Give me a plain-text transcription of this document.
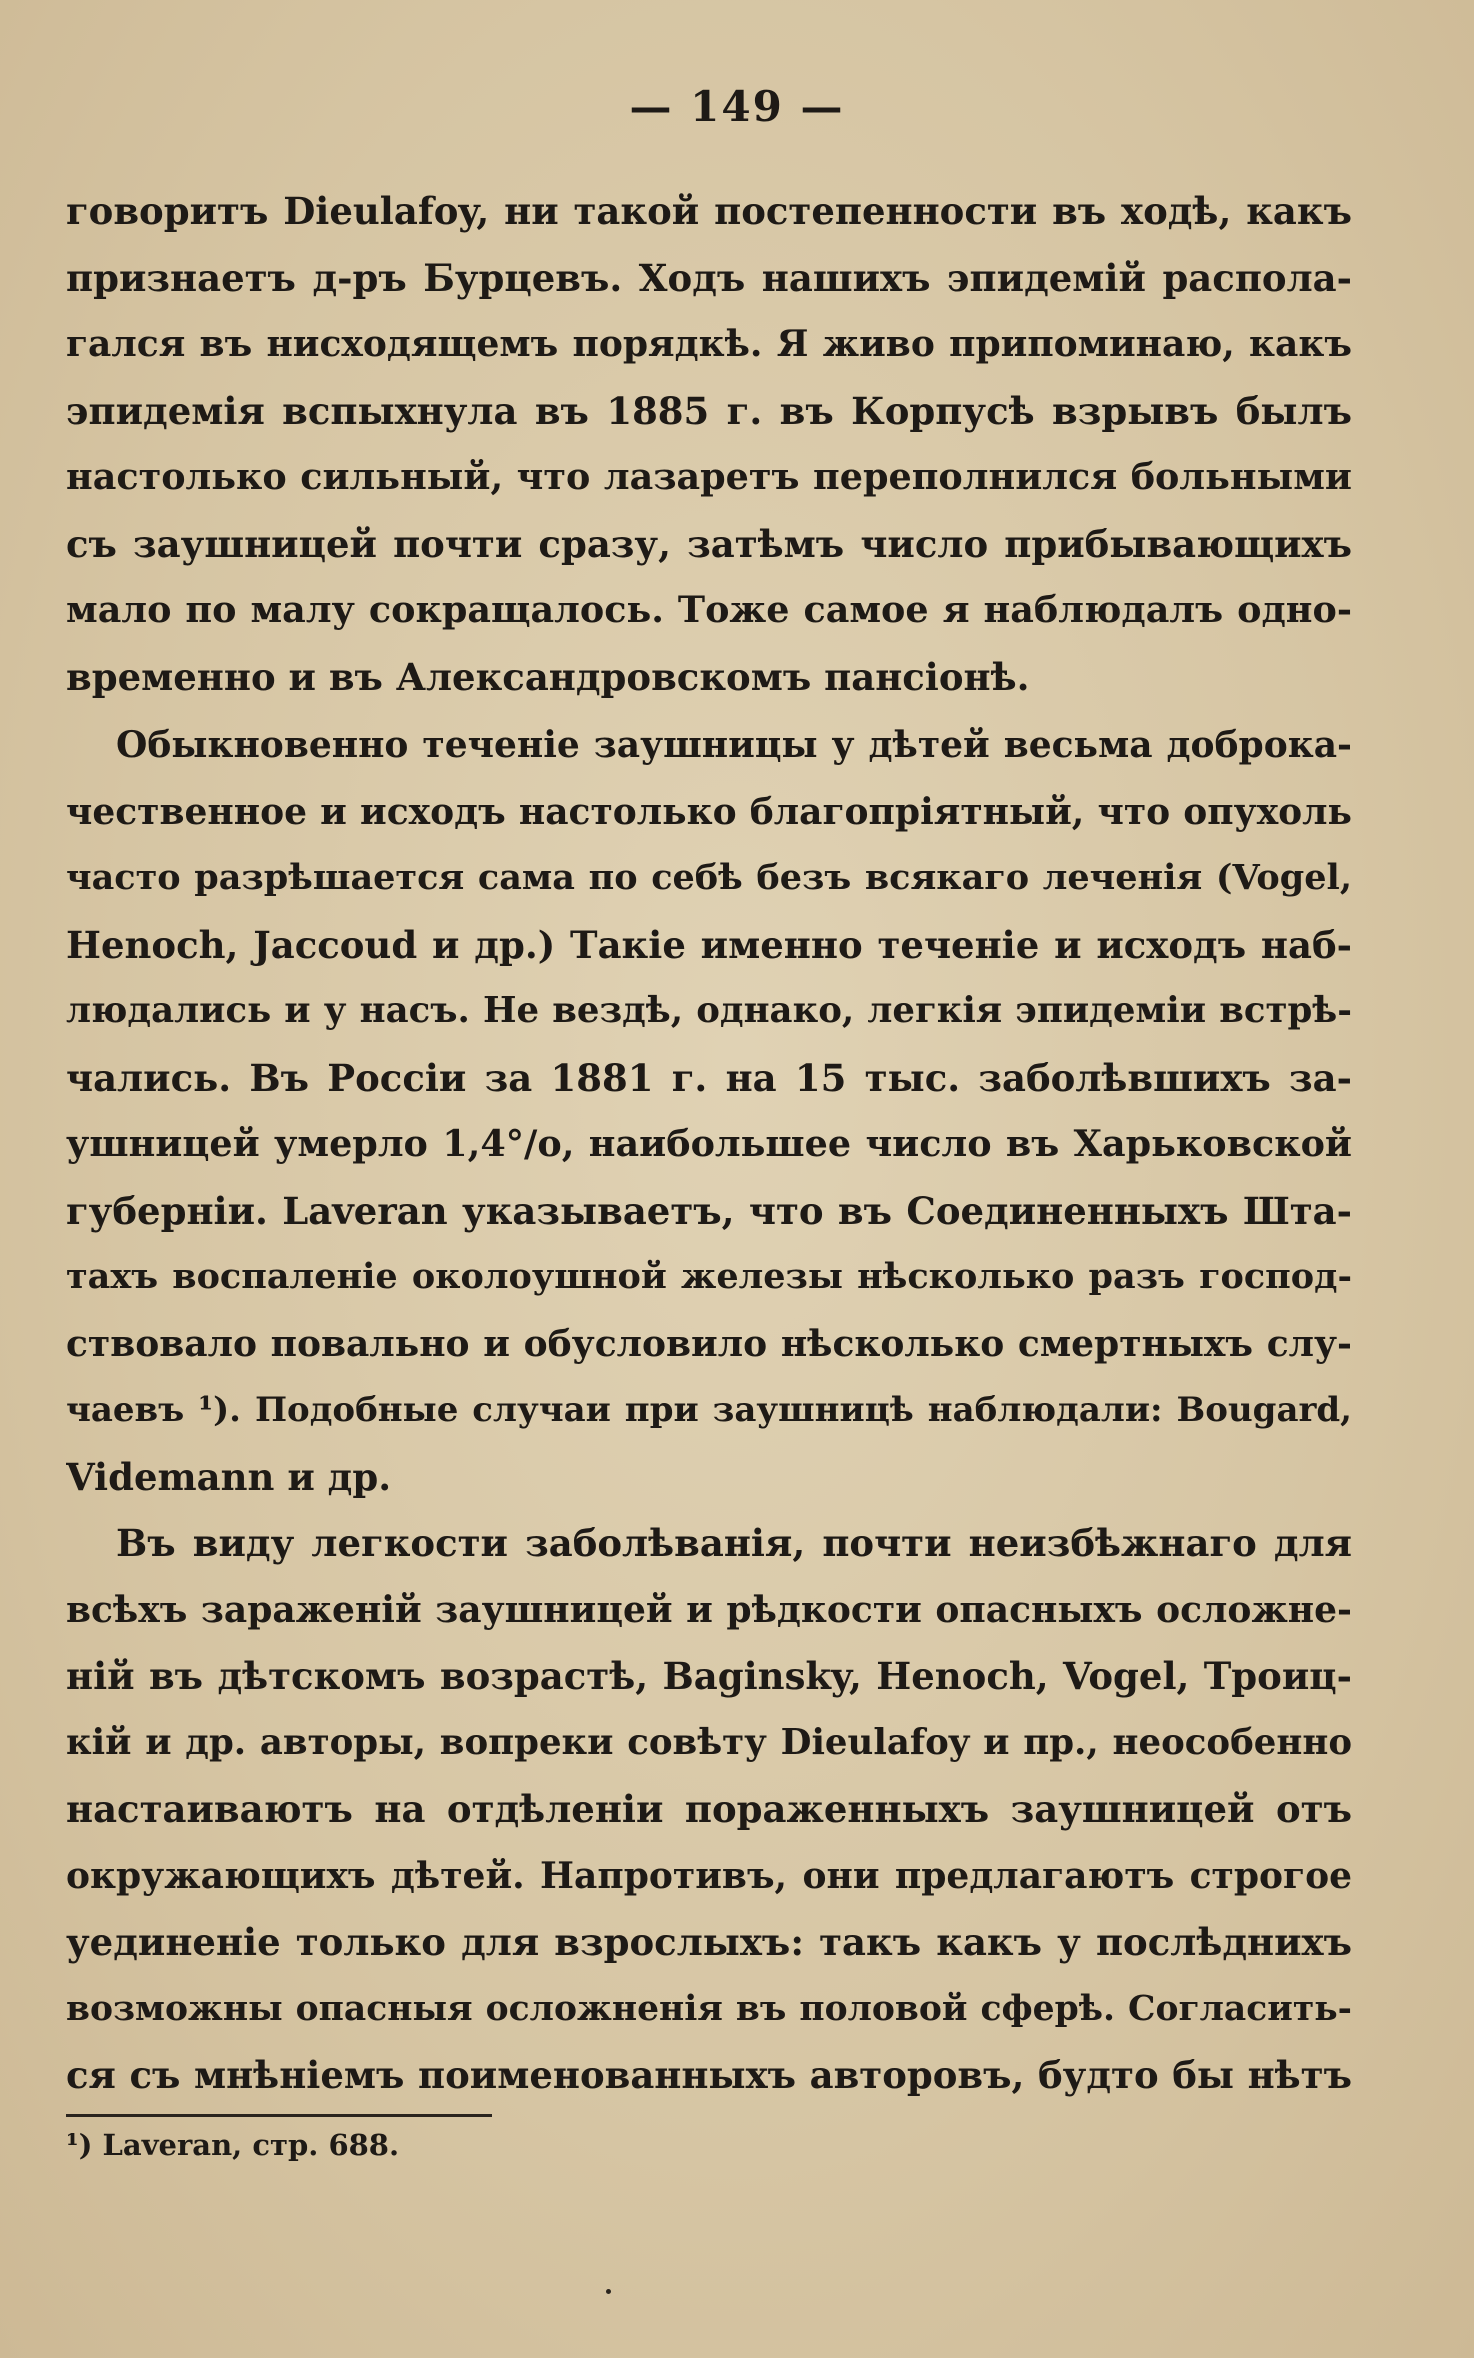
— 149 —
говоритъ Dieulafoy, ни такой постепенности въ ходѣ, какъ
признаетъ д-ръ Бурцевъ. Ходъ нашихъ эпидемій распола-
гался въ нисходящемъ порядкѣ. Я живо припоминаю, какъ
эпидемія вспыхнула въ 1885 г. въ Корпусѣ взрывъ былъ
настолько сильный, что лазаретъ переполнился больными
съ заушницей почти сразу, затѣмъ число прибывающихъ
мало по малу сокращалось. Тоже самое я наблюдалъ одно-
временно и въ Александровскомъ пансіонѣ.
Обыкновенно теченіе заушницы у дѣтей весьма доброка-
чественное и исходъ настолько благопріятный, что опухоль
часто разрѣшается сама по себѣ безъ всякаго леченія (Vogel,
Henoch, Jaccoud и др.) Такіе именно теченіе и исходъ наб-
людались и у насъ. Не вездѣ, однако, легкія эпидеміи встрѣ-
чались. Въ Россіи за 1881 г. на 15 тыс. заболѣвшихъ за-
ушницей умерло 1,4°/o, наибольшее число въ Харьковской
губерніи. Laveran указываетъ, что въ Соединенныхъ Шта-
тахъ воспаленіе околоушной железы нѣсколько разъ господ-
ствовало повально и обусловило нѣсколько смертныхъ слу-
чаевъ ¹). Подобные случаи при заушницѣ наблюдали: Bougard,
Videmann и др.
Въ виду легкости заболѣванія, почти неизбѣжнаго для
всѣхъ зараженій заушницей и рѣдкости опасныхъ осложне-
ній въ дѣтскомъ возрастѣ, Baginsky, Henoch, Vogel, Троиц-
кій и др. авторы, вопреки совѣту Dieulafoy и пр., неособенно
настаиваютъ на отдѣленіи пораженныхъ заушницей отъ
окружающихъ дѣтей. Напротивъ, они предлагаютъ строгое
уединеніе только для взрослыхъ: такъ какъ у послѣднихъ
возможны опасныя осложненія въ половой сферѣ. Согласить-
ся съ мнѣніемъ поименованныхъ авторовъ, будто бы нѣтъ
¹) Laveran, стр. 688.
